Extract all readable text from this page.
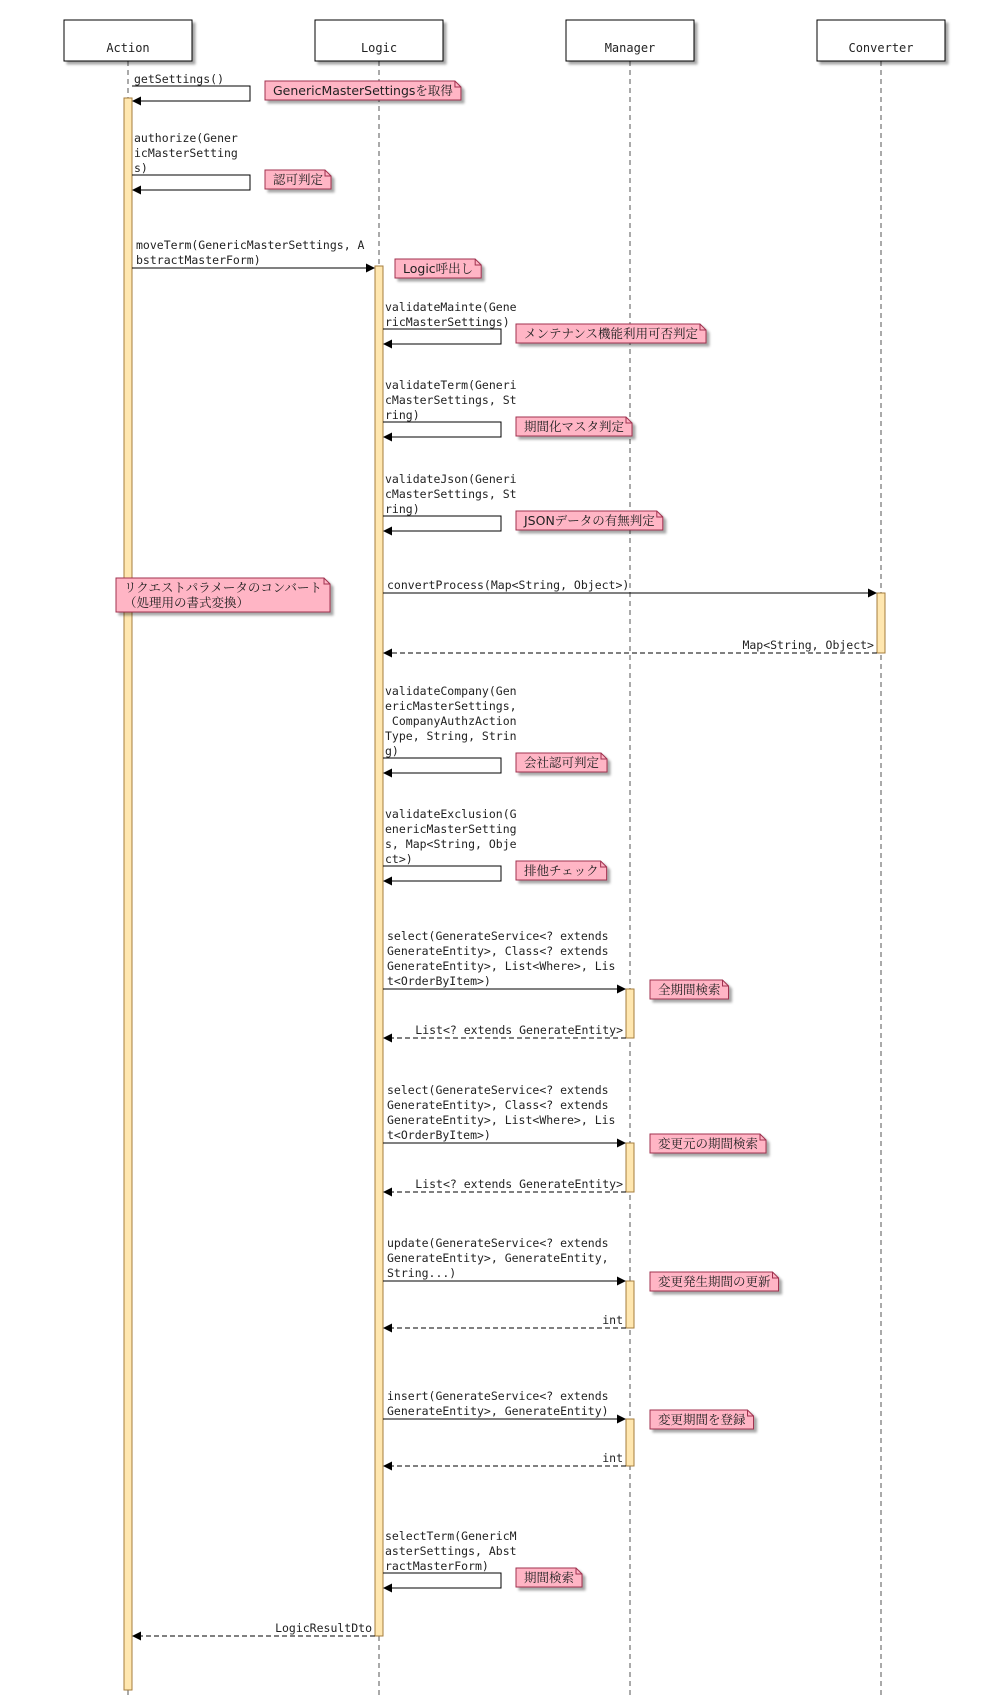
getSettings()
GenericMasterSettingsを取得
authorize(Gener
icMasterSetting
s)
認可判定
moveTerm(GenericMasterSettings, A
bstractMasterForm)
Logic呼出し
validateMainte(Gene
ricMasterSettings)
メンテナンス機能利用可否判定
validateTerm(Generi
cMasterSettings, St
ring)
期間化マスタ判定
validateJson(Generi
cMasterSettings, St
ring)
JSONデータの有無判定
convertProcess(Map<String, Object>)
リクエストパラメータのコンバート
（処理用の書式変換）
Map<String, Object>
validateCompany(Gen
ericMasterSettings,
CompanyAuthzAction
Type, String, Strin
g)
会社認可判定
validateExclusion(G
enericMasterSetting
s, Map<String, Obje
ct>)
排他チェック
select(GenerateService<? extends
GenerateEntity>, Class<? extends
GenerateEntity>, List<Where>, Lis
t<OrderByItem>)
全期間検索
List<? extends GenerateEntity>
select(GenerateService<? extends
GenerateEntity>, Class<? extends
GenerateEntity>, List<Where>, Lis
t<OrderByItem>)
変更元の期間検索
List<? extends GenerateEntity>
update(GenerateService<? extends
GenerateEntity>, GenerateEntity,
String...)
変更発生期間の更新
int
insert(GenerateService<? extends
GenerateEntity>, GenerateEntity)
変更期間を登録
int
selectTerm(GenericM
asterSettings, Abst
ractMasterForm)
期間検索
LogicResultDto
Action	Logic	Manager	Converter
